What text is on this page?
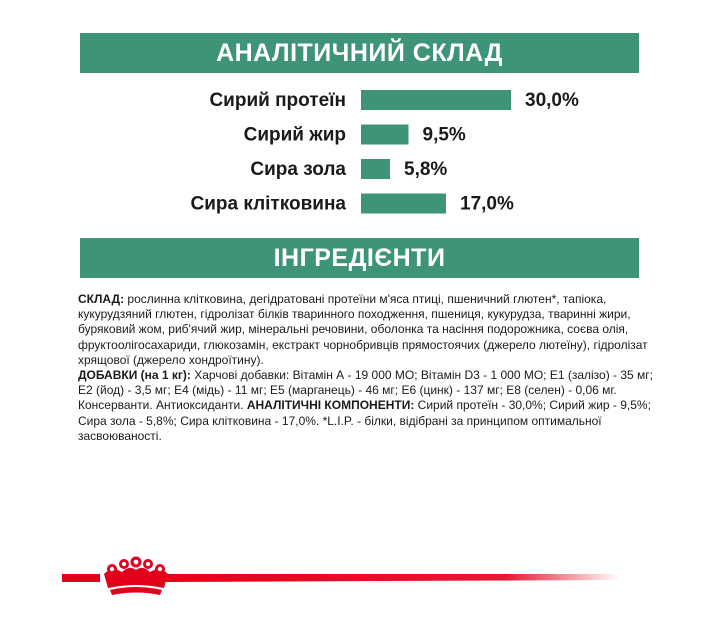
АНАЛІТИЧНИЙ СКЛАД
Сирий протеїн	30,0%
Сирий жир	9,5%
Сира зола	5,8%
Сира клітковина	17,0%
ІНГРЕДІЄНТИ

СКЛАД: рослинна клітковина, дегідратовані протеїни м'яса птиці, пшеничний глютен*, тапіока, кукурудзяний глютен, гідролізат білків тваринного походження, пшениця, кукурудза, тваринні жири, буряковий жом, риб'ячий жир, мінеральні речовини, оболонка та насіння подорожника, соєва олія, фруктоолігосахариди, глюкозамін, екстракт чорнобривців прямостоячих (джерело лютеїну), гідролізат хрящової (джерело хондроїтину).
ДОБАВКИ (на 1 кг): Харчові добавки: Вітамін А - 19 000 МО; Вітамін D3 - 1 000 МО; E1 (залізо) - 35 мг; E2 (йод) - 3,5 мг; E4 (мідь) - 11 мг; E5 (марганець) - 46 мг; E6 (цинк) - 137 мг; E8 (селен) - 0,06 мг. Консерванти. Антиоксиданти. АНАЛІТИЧНІ КОМПОНЕНТИ: Сирий протеїн - 30,0%; Сирий жир - 9,5%; Сира зола - 5,8%; Сира клітковина - 17,0%. *L.I.P. - білки, відібрані за принципом оптимальної засвоюваності.
